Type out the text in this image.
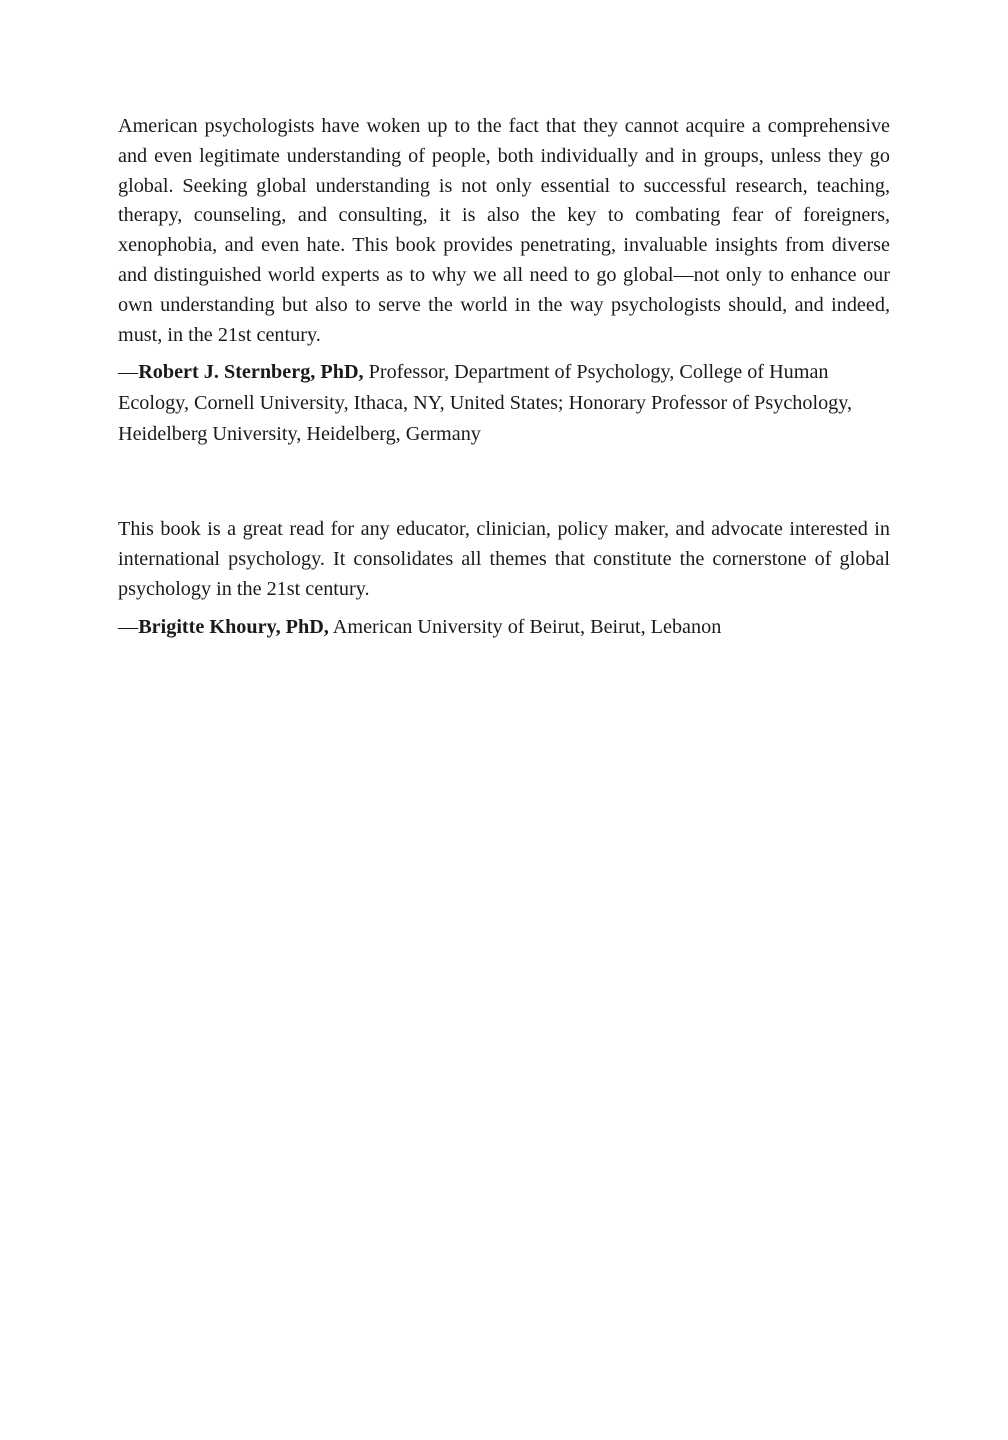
American psychologists have woken up to the fact that they cannot acquire a comprehensive and even legitimate understanding of people, both individually and in groups, unless they go global. Seeking global understanding is not only essential to successful research, teaching, therapy, counseling, and consulting, it is also the key to combating fear of foreigners, xenophobia, and even hate. This book provides penetrating, invaluable insights from diverse and distinguished world experts as to why we all need to go global—not only to enhance our own understanding but also to serve the world in the way psychologists should, and indeed, must, in the 21st century.

—Robert J. Sternberg, PhD, Professor, Department of Psychology, College of Human Ecology, Cornell University, Ithaca, NY, United States; Honorary Professor of Psychology, Heidelberg University, Heidelberg, Germany

This book is a great read for any educator, clinician, policy maker, and advocate interested in international psychology. It consolidates all themes that constitute the cornerstone of global psychology in the 21st century.

—Brigitte Khoury, PhD, American University of Beirut, Beirut, Lebanon
